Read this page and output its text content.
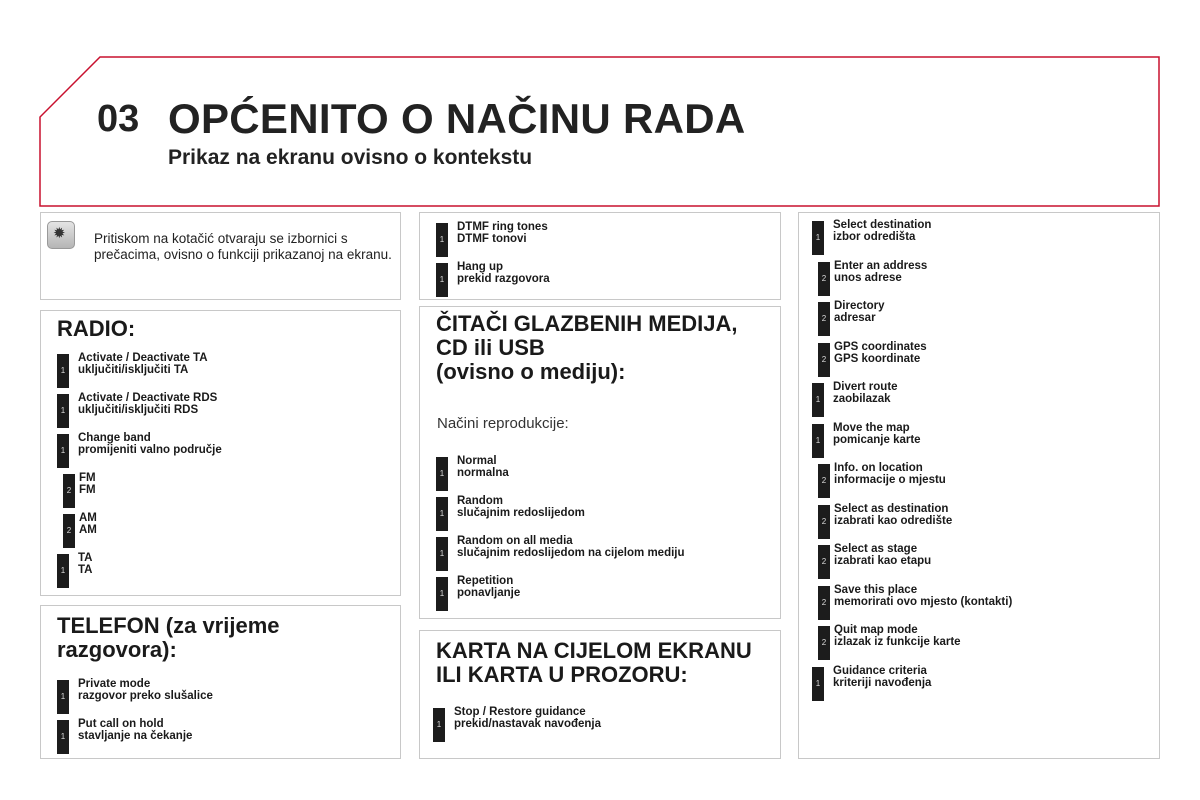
03 OPĆENITO O NAČINU RADA
Prikaz na ekranu ovisno o kontekstu
✹ Pritiskom na kotačić otvaraju se izbornici s prečacima, ovisno o funkciji prikazanoj na ekranu.
RADIO:
1
Activate / Deactivate TA
uključiti/isključiti TA
1
Activate / Deactivate RDS
uključiti/isključiti RDS
1
Change band
promijeniti valno područje
2
FM
FM
2
AM
AM
1
TA
TA
TELEFON (za vrijeme
razgovora):
1
Private mode
razgovor preko slušalice
1
Put call on hold
stavljanje na čekanje
1
DTMF ring tones
DTMF tonovi
1
Hang up
prekid razgovora
ČITAČI GLAZBENIH MEDIJA,
CD ili USB
(ovisno o mediju):
Načini reprodukcije:
1
Normal
normalna
1
Random
slučajnim redoslijedom
1
Random on all media
slučajnim redoslijedom na cijelom mediju
1
Repetition
ponavljanje
KARTA NA CIJELOM EKRANU
ILI KARTA U PROZORU:
1
Stop / Restore guidance
prekid/nastavak navođenja
1
Select destination
izbor odredišta
2
Enter an address
unos adrese
2
Directory
adresar
2
GPS coordinates
GPS koordinate
1
Divert route
zaobilazak
1
Move the map
pomicanje karte
2
Info. on location
informacije o mjestu
2
Select as destination
izabrati kao odredište
2
Select as stage
izabrati kao etapu
2
Save this place
memorirati ovo mjesto (kontakti)
2
Quit map mode
izlazak iz funkcije karte
1
Guidance criteria
kriteriji navođenja
